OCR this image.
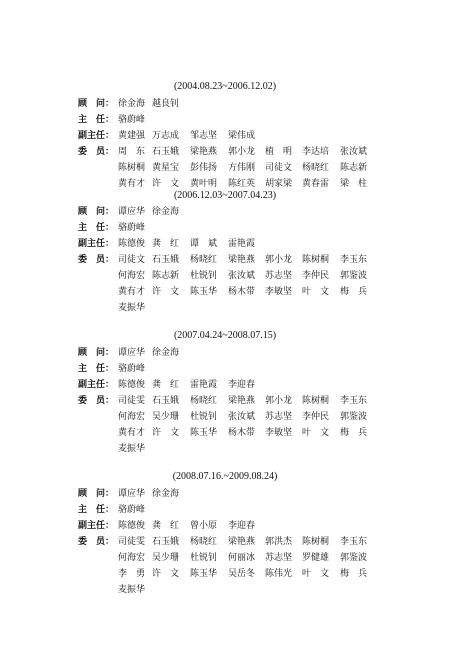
(2004.08.23~2006.12.02)
顾　问： 徐金海 越良钊
主　任： 骆蔚峰
副主任： 黄建强 万志成 邹志坚 梁伟成
委　员： 周　东 石玉娥 梁艳燕 郭小龙 植　明 李达培 张汝斌
陈树桐 黄星宝 彭伟扬 方伟刚 司徒文 杨晓红 陈志新
黄有才 许　文 黄叶明 陈红英 胡家梁 黄春雷 梁　柱
(2006.12.03~2007.04.23)
顾　问： 谭应华 徐金海
主　任： 骆蔚峰
副主任： 陈德俊 龚　红 谭　斌 雷艳霞
委　员： 司徒文 石玉娥 杨晓红 梁艳燕 郭小龙 陈树桐 李玉东
何海宏 陈志新 杜锐钊 张汝斌 苏志坚 李仲民 郭鉴波
黄有才 许　文 陈玉华 杨木带 李敏坚 叶　文 梅　兵
麦振华
(2007.04.24~2008.07.15)
顾　问： 谭应华 徐金海
主　任： 骆蔚峰
副主任： 陈德俊 龚　红 雷艳霞 李迎春
委　员： 司徒雯 石玉娥 杨晓红 梁艳燕 郭小龙 陈树桐 李玉东
何海宏 吴少珊 杜锐钊 张汝斌 苏志坚 李仲民 郭鉴波
黄有才 许　文 陈玉华 杨木带 李敏坚 叶　文 梅　兵
麦振华
(2008.07.16.~2009.08.24)
顾　问： 谭应华 徐金海
主　任： 骆蔚峰
副主任： 陈德俊 龚　红 曾小原 李迎春
委　员： 司徒雯 石玉娥 杨晓红 梁艳燕 郭洪杰 陈树桐 李玉东
何海宏 吴少珊 杜锐钊 何丽冰 苏志坚 罗健雄 郭鉴波
李　勇 许　文 陈玉华 吴岳冬 陈伟光 叶　文 梅　兵
麦振华
